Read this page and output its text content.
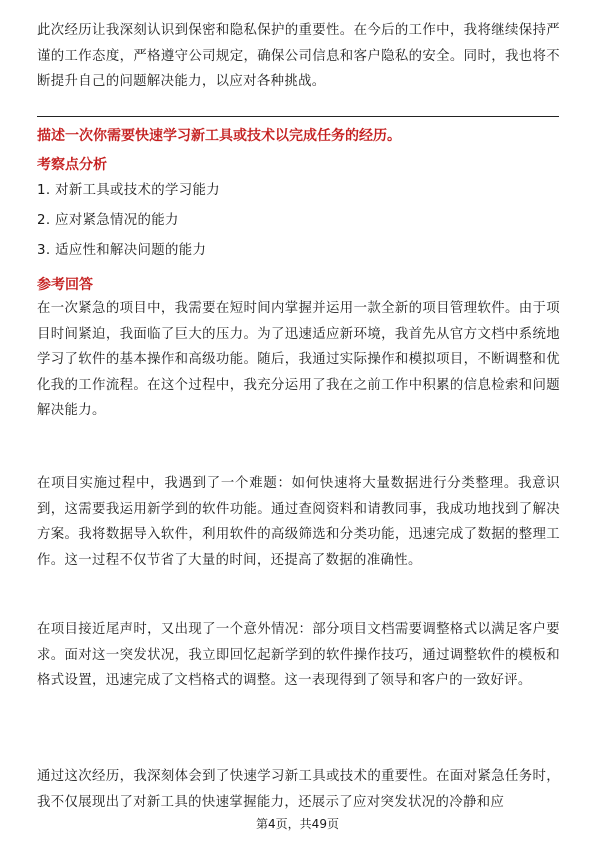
此次经历让我深刻认识到保密和隐私保护的重要性。在今后的工作中，我将继续保持严谨的工作态度，严格遵守公司规定，确保公司信息和客户隐私的安全。同时，我也将不断提升自己的问题解决能力，以应对各种挑战。

描述一次你需要快速学习新工具或技术以完成任务的经历。
考察点分析
1. 对新工具或技术的学习能力
2. 应对紧急情况的能力
3. 适应性和解决问题的能力
参考回答

在一次紧急的项目中，我需要在短时间内掌握并运用一款全新的项目管理软件。由于项目时间紧迫，我面临了巨大的压力。为了迅速适应新环境，我首先从官方文档中系统地学习了软件的基本操作和高级功能。随后，我通过实际操作和模拟项目，不断调整和优化我的工作流程。在这个过程中，我充分运用了我在之前工作中积累的信息检索和问题解决能力。

在项目实施过程中，我遇到了一个难题：如何快速将大量数据进行分类整理。我意识到，这需要我运用新学到的软件功能。通过查阅资料和请教同事，我成功地找到了解决方案。我将数据导入软件，利用软件的高级筛选和分类功能，迅速完成了数据的整理工作。这一过程不仅节省了大量的时间，还提高了数据的准确性。

在项目接近尾声时，又出现了一个意外情况：部分项目文档需要调整格式以满足客户要求。面对这一突发状况，我立即回忆起新学到的软件操作技巧，通过调整软件的模板和格式设置，迅速完成了文档格式的调整。这一表现得到了领导和客户的一致好评。

通过这次经历，我深刻体会到了快速学习新工具或技术的重要性。在面对紧急任务时，我不仅展现出了对新工具的快速掌握能力，还展示了应对突发状况的冷静和应

第4页，共49页
